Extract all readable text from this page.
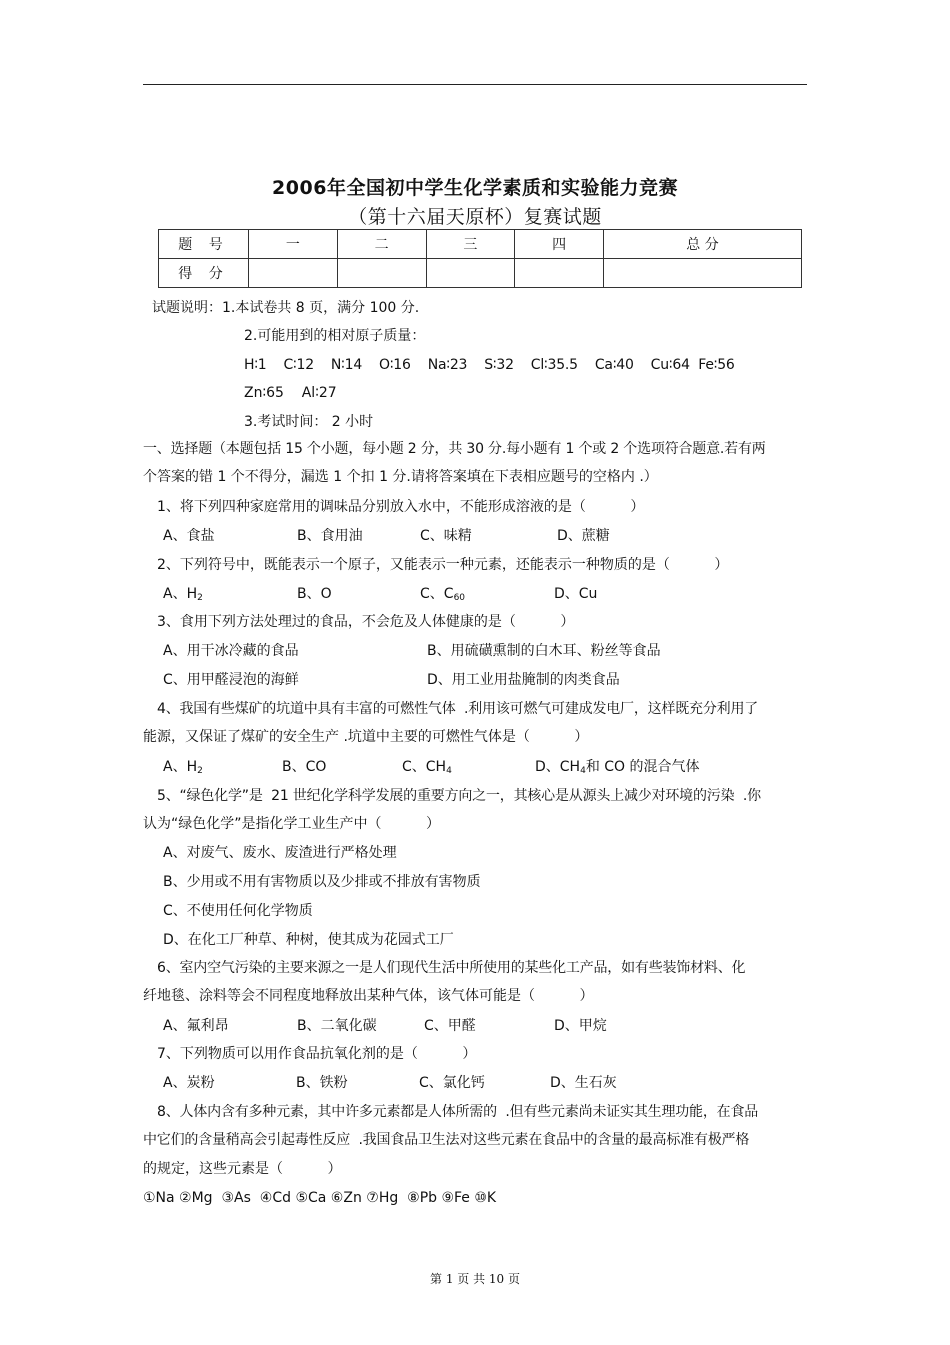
2006年全国初中学生化学素质和实验能力竞赛
（第十六届天原杯）复赛试题
题 号	一	二	三	四	总 分
得 分					
试题说明：1.本试卷共 8 页，满分 100 分.
2.可能用到的相对原子质量：
H∶1    C∶12    N∶14    O∶16    Na∶23    S∶32    Cl∶35.5    Ca∶40    Cu∶64  Fe∶56
Zn∶65    Al∶27
3.考试时间： 2 小时
一、选择题（本题包括 15 个小题，每小题 2 分，共 30 分.每小题有 1 个或 2 个选项符合题意.若有两
个答案的错 1 个不得分，漏选 1 个扣 1 分.请将答案填在下表相应题号的空格内 .）
1、将下列四种家庭常用的调味品分别放入水中，不能形成溶液的是（          ）
A、食盐	B、食用油	C、味精	D、蔗糖
2、下列符号中，既能表示一个原子，又能表示一种元素，还能表示一种物质的是（          ）
A、$H_2$	B、O	C、$C_{60}$	D、Cu
3、食用下列方法处理过的食品，不会危及人体健康的是（          ）
A、用干冰冷藏的食品	B、用硫磺熏制的白木耳、粉丝等食品
C、用甲醛浸泡的海鲜	D、用工业用盐腌制的肉类食品
4、我国有些煤矿的坑道中具有丰富的可燃性气体  .利用该可燃气可建成发电厂，这样既充分利用了
能源，又保证了煤矿的安全生产 .坑道中主要的可燃性气体是（          ）
A、$H_2$	B、CO	C、$CH_4$	D、$CH_4$和 CO 的混合气体
5、“绿色化学”是  21 世纪化学科学发展的重要方向之一，其核心是从源头上减少对环境的污染  .你
认为“绿色化学”是指化学工业生产中（          ）
A、对废气、废水、废渣进行严格处理
B、少用或不用有害物质以及少排或不排放有害物质
C、不使用任何化学物质
D、在化工厂种草、种树，使其成为花园式工厂
6、室内空气污染的主要来源之一是人们现代生活中所使用的某些化工产品，如有些装饰材料、化
纤地毯、涂料等会不同程度地释放出某种气体，该气体可能是（          ）
A、氟利昂	B、二氧化碳	C、甲醛	D、甲烷
7、下列物质可以用作食品抗氧化剂的是（          ）
A、炭粉	B、铁粉	C、氯化钙	D、生石灰
8、人体内含有多种元素，其中许多元素都是人体所需的  .但有些元素尚未证实其生理功能，在食品
中它们的含量稍高会引起毒性反应  .我国食品卫生法对这些元素在食品中的含量的最高标准有极严格
的规定，这些元素是（          ）
①Na ②Mg  ③As  ④Cd ⑤Ca ⑥Zn ⑦Hg  ⑧Pb ⑨Fe ⑩K
第 1 页 共 10 页
